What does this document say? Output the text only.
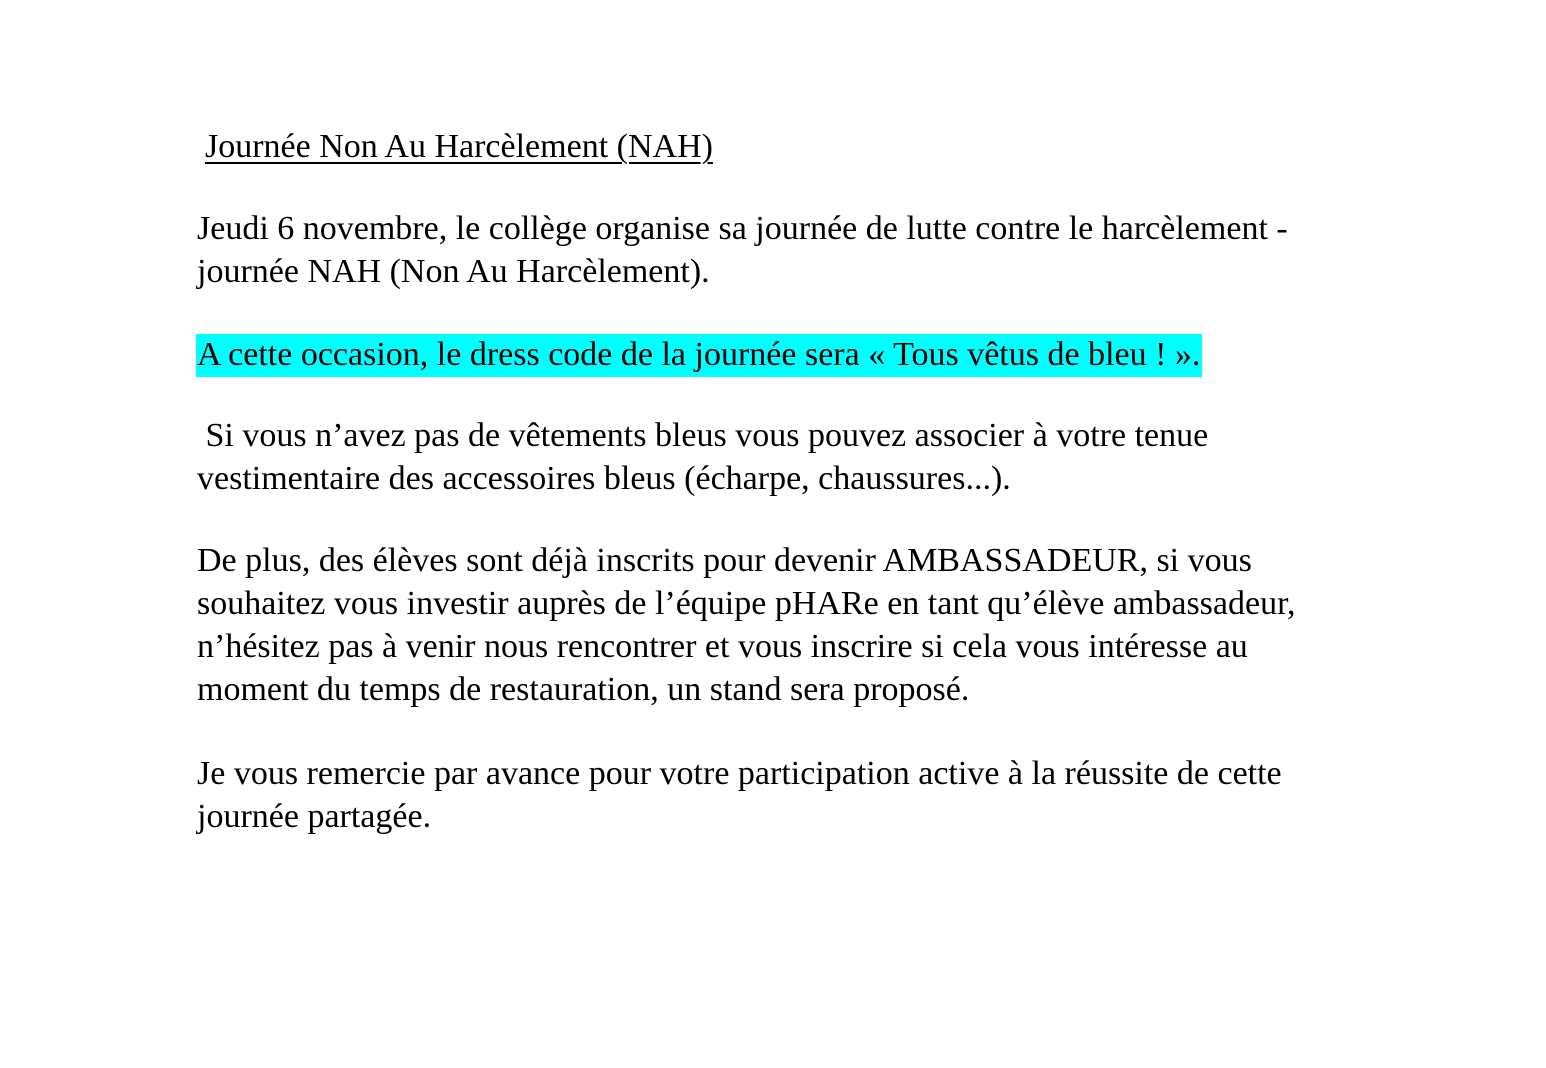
Journée Non Au Harcèlement (NAH)

Jeudi 6 novembre, le collège organise sa journée de lutte contre le harcèlement -
journée NAH (Non Au Harcèlement).

A cette occasion, le dress code de la journée sera « Tous vêtus de bleu ! ».

Si vous n’avez pas de vêtements bleus vous pouvez associer à votre tenue
vestimentaire des accessoires bleus (écharpe, chaussures...).

De plus, des élèves sont déjà inscrits pour devenir AMBASSADEUR, si vous
souhaitez vous investir auprès de l’équipe pHARe en tant qu’élève ambassadeur,
n’hésitez pas à venir nous rencontrer et vous inscrire si cela vous intéresse au
moment du temps de restauration, un stand sera proposé.

Je vous remercie par avance pour votre participation active à la réussite de cette
journée partagée.
